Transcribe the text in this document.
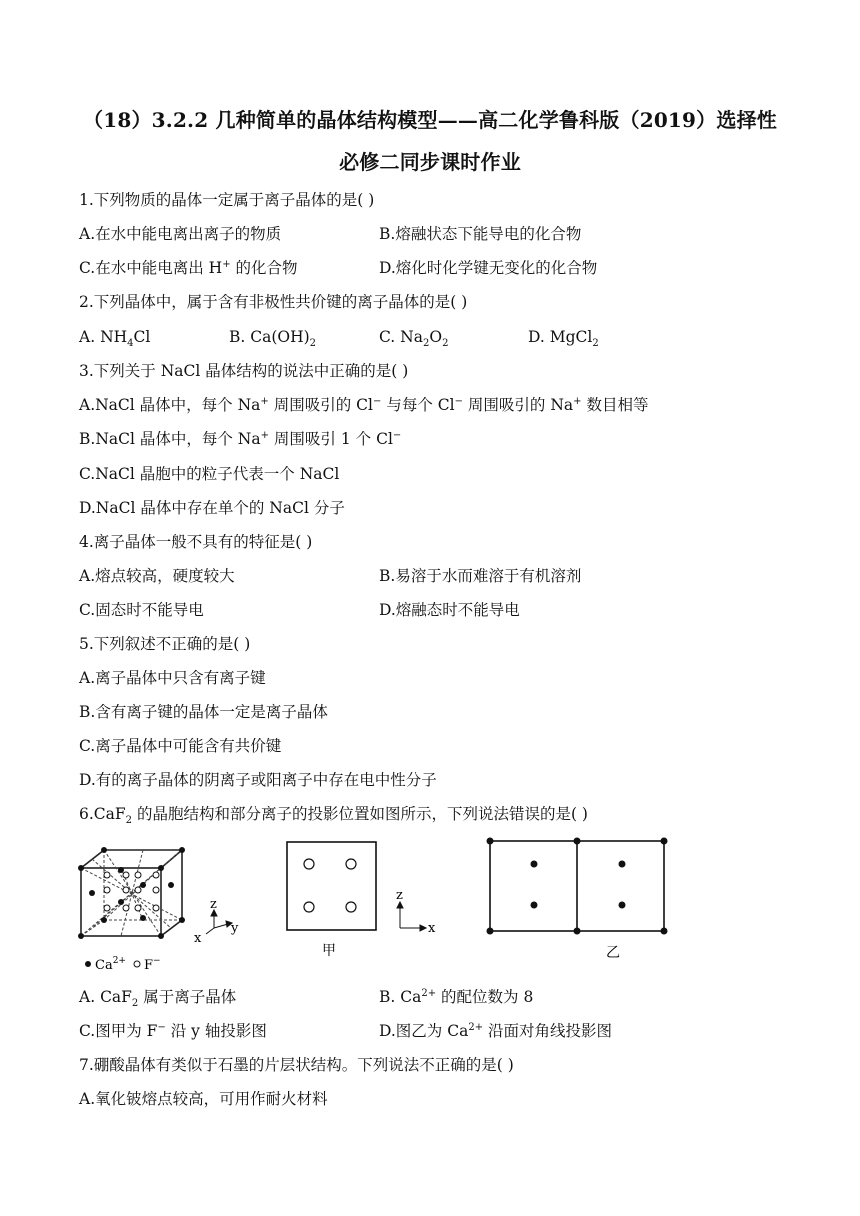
（18）3.2.2 几种简单的晶体结构模型——高二化学鲁科版（2019）选择性
必修二同步课时作业
1.下列物质的晶体一定属于离子晶体的是( )
A.在水中能电离出离子的物质	B.熔融状态下能导电的化合物
C.在水中能电离出 H+ 的化合物	D.熔化时化学键无变化的化合物
2.下列晶体中，属于含有非极性共价键的离子晶体的是( )
A. $NH_4Cl$	B. $Ca(OH)_2$	C. $Na_2O_2$	D. MgCl$_2$
3.下列关于 NaCl 晶体结构的说法中正确的是( )
A.NaCl 晶体中，每个 Na+ 周围吸引的 Cl− 与每个 Cl− 周围吸引的 Na+ 数目相等
B.NaCl 晶体中，每个 Na+ 周围吸引 1 个 Cl−
C.NaCl 晶胞中的粒子代表一个 NaCl
D.NaCl 晶体中存在单个的 NaCl 分子
4.离子晶体一般不具有的特征是( )
A.熔点较高，硬度较大	B.易溶于水而难溶于有机溶剂
C.固态时不能导电	D.熔融态时不能导电
5.下列叙述不正确的是( )
A.离子晶体中只含有离子键
B.含有离子键的晶体一定是离子晶体
C.离子晶体中可能含有共价键
D.有的离子晶体的阴离子或阳离子中存在电中性分子
6.CaF$_2$ 的晶胞结构和部分离子的投影位置如图所示，下列说法错误的是( )
z
y
x
$Ca^{2+}$ F−
z
x
甲	乙
A. CaF$_2$ 属于离子晶体	B. $Ca^{2+}$ 的配位数为 8
C.图甲为 F− 沿 y 轴投影图	D.图乙为 $Ca^{2+}$ 沿面对角线投影图
7.硼酸晶体有类似于石墨的片层状结构。下列说法不正确的是( )
A.氧化铍熔点较高，可用作耐火材料
